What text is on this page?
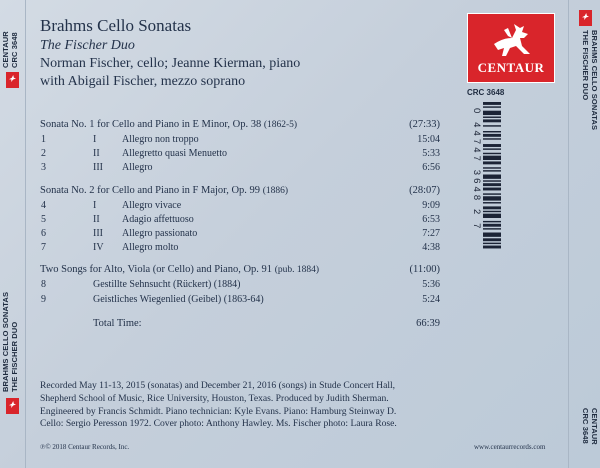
CENTAUR CRC 3648
BRAHMS CELLO SONATAS THE FISCHER DUO
BRAHMS CELLO SONATAS
THE FISCHER DUO
CENTAUR
CRC 3648
Brahms Cello Sonatas
The Fischer Duo
Norman Fischer, cello; Jeanne Kierman, piano
with Abigail Fischer, mezzo soprano
CENTAUR
CRC 3648
0 44747 3648 2 7
Sonata No. 1 for Cello and Piano in E Minor, Op. 38 (1862-5)	(27:33)
1	I	Allegro non troppo	15:04
2	II Allegretto quasi Menuetto	5:33
3	III Allegro	6:56
Sonata No. 2 for Cello and Piano in F Major, Op. 99 (1886)	(28:07)
4	I	Allegro vivace	9:09
5	II Adagio affettuoso	6:53
6	III Allegro passionato	7:27
7	IV Allegro molto	4:38
Two Songs for Alto, Viola (or Cello) and Piano, Op. 91 (pub. 1884)	(11:00)
8	Gestillte Sehnsucht (Rückert) (1884)	5:36
9	Geistliches Wiegenlied (Geibel) (1863-64)	5:24
Total Time:	66:39
Recorded May 11-13, 2015 (sonatas) and December 21, 2016 (songs) in Stude Concert Hall,
Shepherd School of Music, Rice University, Houston, Texas. Produced by Judith Sherman.
Engineered by Francis Schmidt. Piano technician: Kyle Evans. Piano: Hamburg Steinway D.
Cello: Sergio Peresson 1972. Cover photo: Anthony Hawley. Ms. Fischer photo: Laura Rose.
℗© 2018 Centaur Records, Inc.	www.centaurrecords.com
